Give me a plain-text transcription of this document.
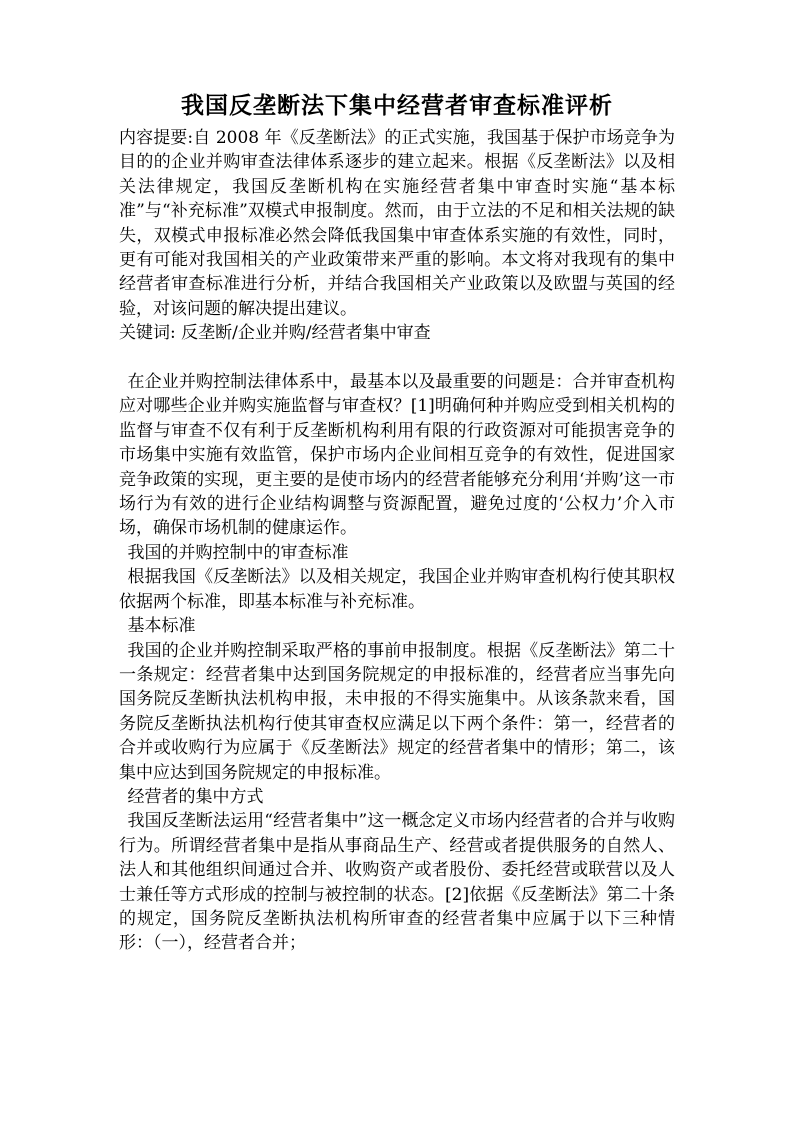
我国反垄断法下集中经营者审查标准评析

内容提要:自 2008 年《反垄断法》的正式实施，我国基于保护市场竞争为目的的企业并购审查法律体系逐步的建立起来。根据《反垄断法》以及相关法律规定，我国反垄断机构在实施经营者集中审查时实施“基本标准”与“补充标准”双模式申报制度。然而，由于立法的不足和相关法规的缺失，双模式申报标准必然会降低我国集中审查体系实施的有效性，同时，更有可能对我国相关的产业政策带来严重的影响。本文将对我现有的集中经营者审查标准进行分析，并结合我国相关产业政策以及欧盟与英国的经验，对该问题的解决提出建议。

关键词: 反垄断/企业并购/经营者集中审查

在企业并购控制法律体系中，最基本以及最重要的问题是：合并审查机构应对哪些企业并购实施监督与审查权？[1]明确何种并购应受到相关机构的监督与审查不仅有利于反垄断机构利用有限的行政资源对可能损害竞争的市场集中实施有效监管，保护市场内企业间相互竞争的有效性，促进国家竞争政策的实现，更主要的是使市场内的经营者能够充分利用‘并购’这一市场行为有效的进行企业结构调整与资源配置，避免过度的‘公权力’介入市场，确保市场机制的健康运作。

我国的并购控制中的审查标准

根据我国《反垄断法》以及相关规定，我国企业并购审查机构行使其职权依据两个标准，即基本标准与补充标准。

基本标准

我国的企业并购控制采取严格的事前申报制度。根据《反垄断法》第二十一条规定：经营者集中达到国务院规定的申报标准的，经营者应当事先向国务院反垄断执法机构申报，未申报的不得实施集中。从该条款来看，国务院反垄断执法机构行使其审查权应满足以下两个条件：第一，经营者的合并或收购行为应属于《反垄断法》规定的经营者集中的情形；第二，该集中应达到国务院规定的申报标准。

经营者的集中方式

我国反垄断法运用“经营者集中”这一概念定义市场内经营者的合并与收购行为。所谓经营者集中是指从事商品生产、经营或者提供服务的自然人、法人和其他组织间通过合并、收购资产或者股份、委托经营或联营以及人士兼任等方式形成的控制与被控制的状态。[2]依据《反垄断法》第二十条的规定，国务院反垄断执法机构所审查的经营者集中应属于以下三种情形：（一），经营者合并；
